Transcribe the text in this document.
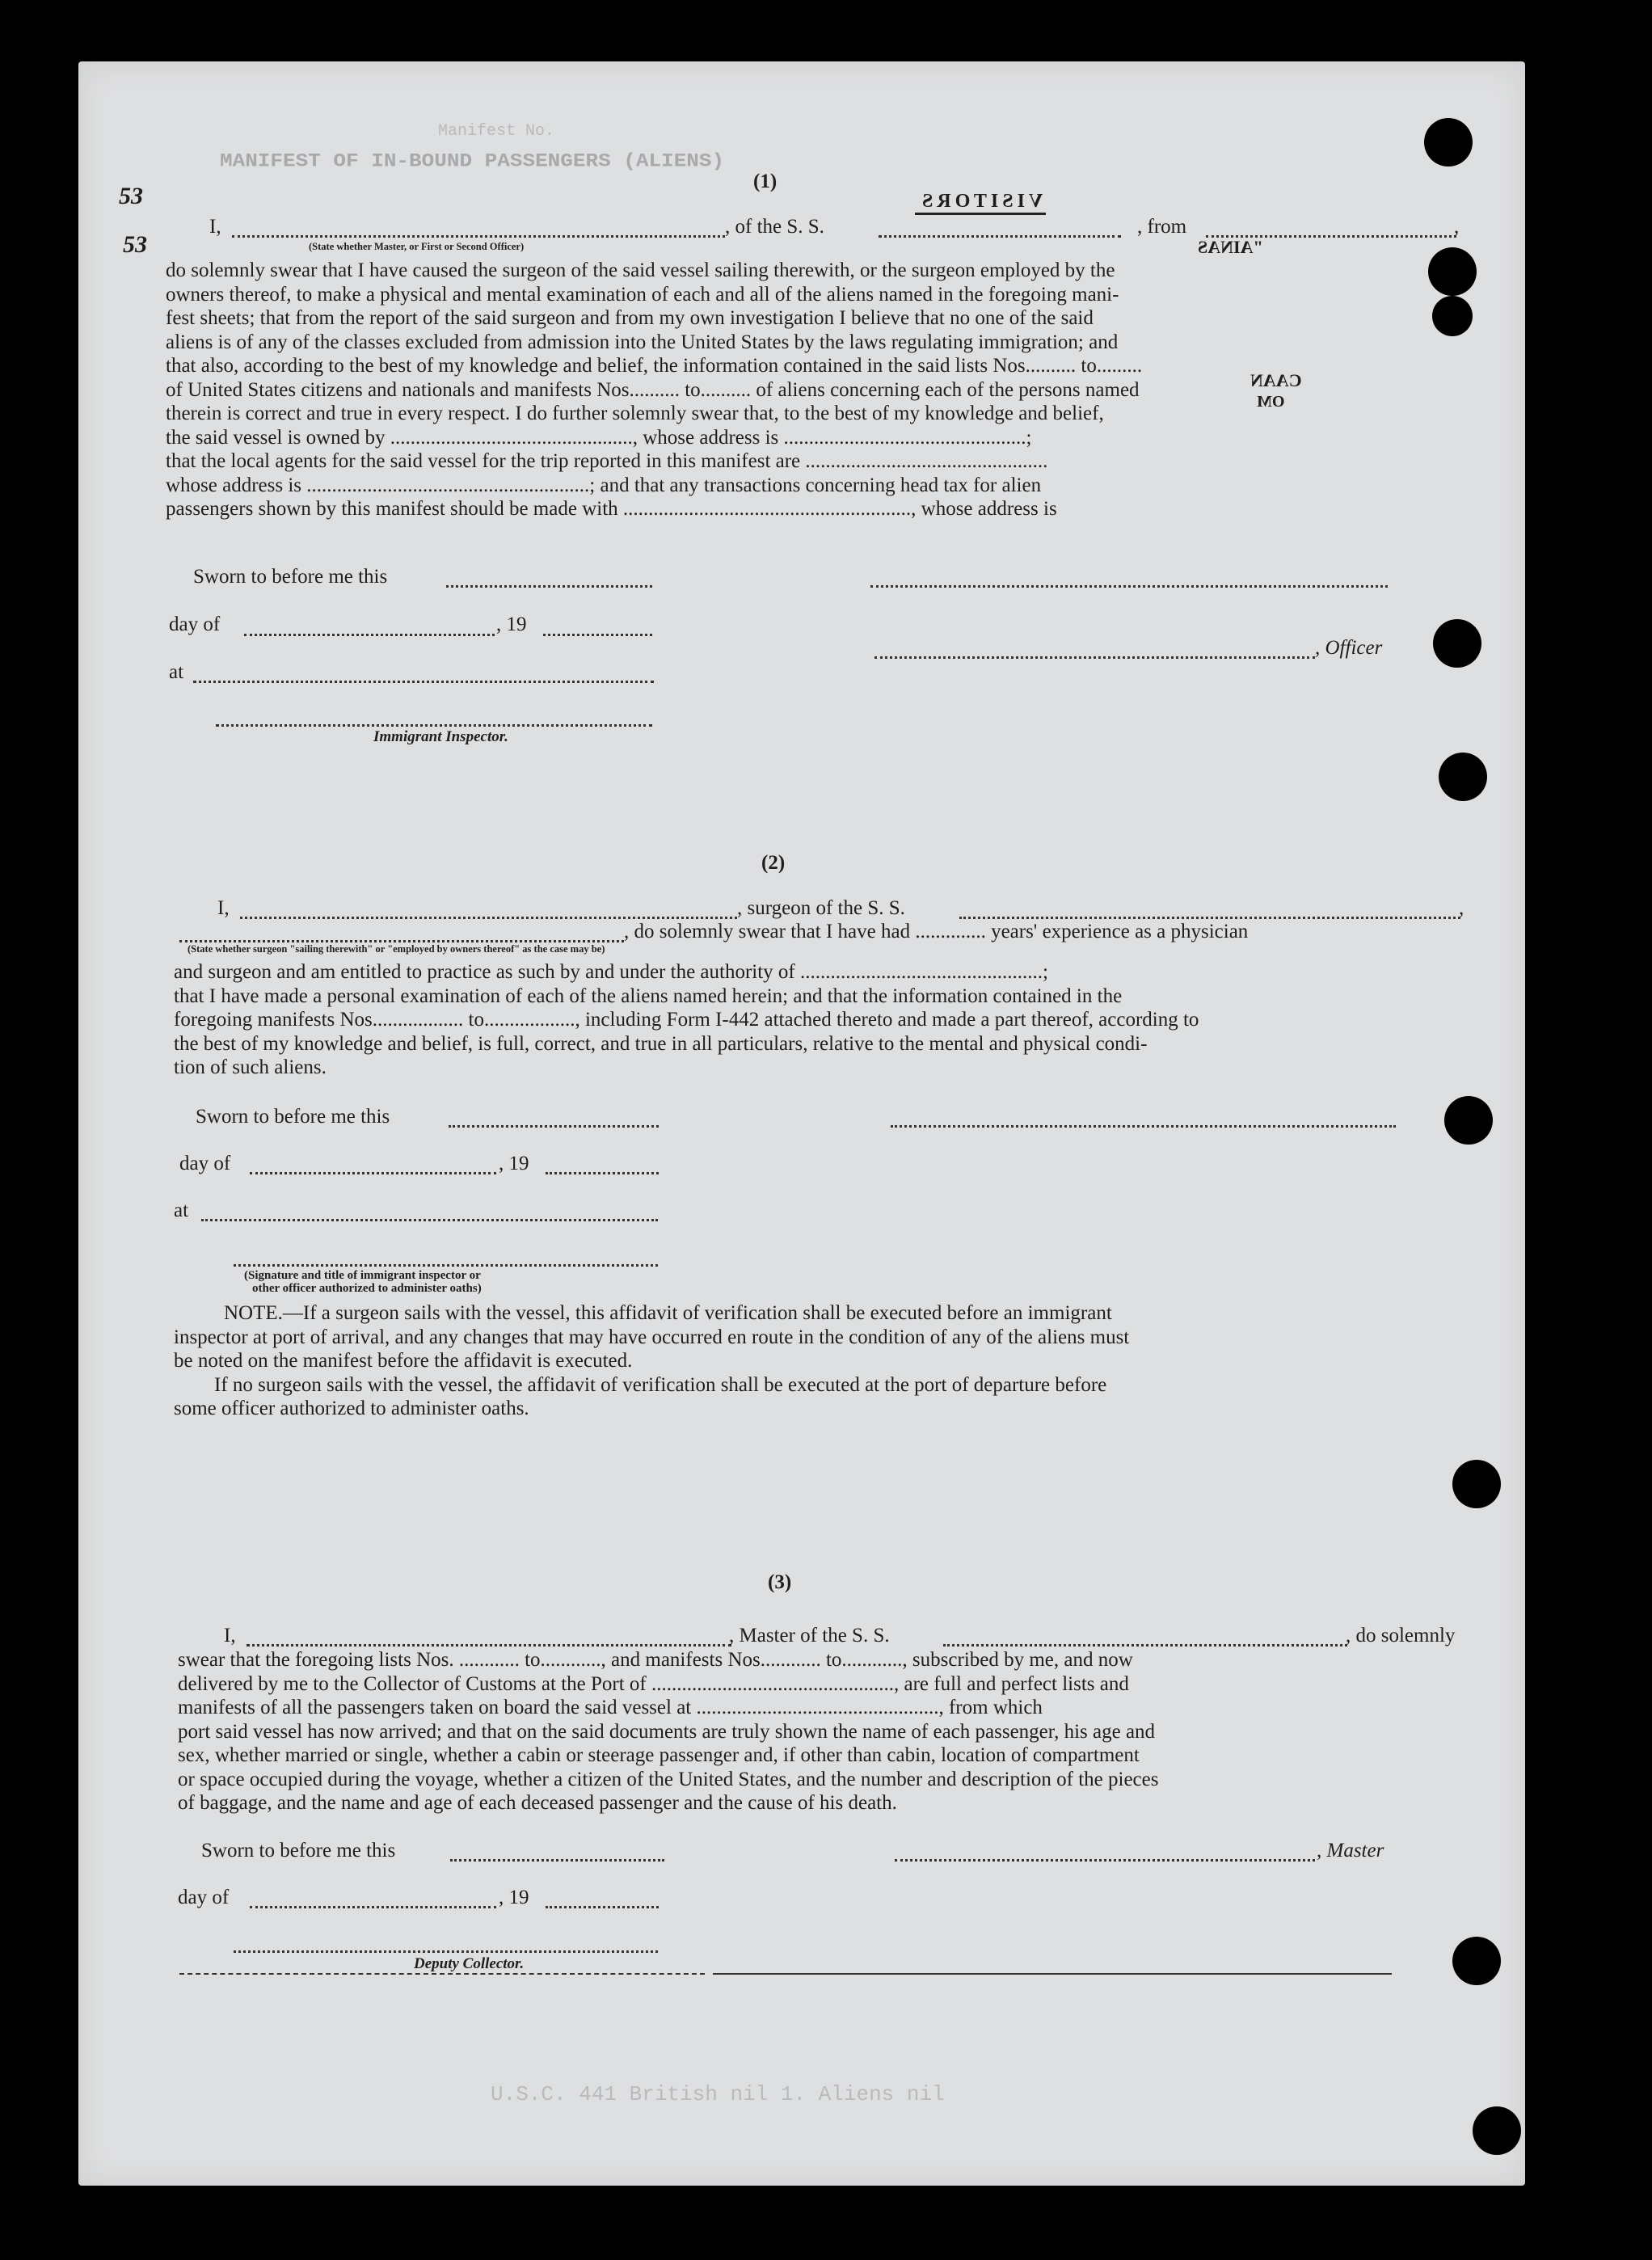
MANIFEST OF IN-BOUND PASSENGERS (ALIENS)
Manifest No.
U.S.C. 441 British nil 1. Aliens nil
53
53
VISITORS
"AINAS
CAAN
OM
(1)
I,	, of the S. S.	, from	,
(State whether Master, or First or Second Officer)
do solemnly swear that I have caused the surgeon of the said vessel sailing therewith, or the surgeon employed by the
owners thereof, to make a physical and mental examination of each and all of the aliens named in the foregoing mani-
fest sheets; that from the report of the said surgeon and from my own investigation I believe that no one of the said
aliens is of any of the classes excluded from admission into the United States by the laws regulating immigration; and
that also, according to the best of my knowledge and belief, the information contained in the said lists Nos.......... to.........
of United States citizens and nationals and manifests Nos.......... to.......... of aliens concerning each of the persons named
therein is correct and true in every respect. I do further solemnly swear that, to the best of my knowledge and belief,
the said vessel is owned by ................................................, whose address is ................................................;
that the local agents for the said vessel for the trip reported in this manifest are ................................................
whose address is ........................................................; and that any transactions concerning head tax for alien
passengers shown by this manifest should be made with ........................................................., whose address is
Sworn to before me this
day of	, 19
, Officer
at
Immigrant Inspector.
(2)
I,	, surgeon of the S. S.	,
, do solemnly swear that I have had .............. years' experience as a physician
(State whether surgeon "sailing therewith" or "employed by owners thereof" as the case may be)
and surgeon and am entitled to practice as such by and under the authority of ................................................;
that I have made a personal examination of each of the aliens named herein; and that the information contained in the
foregoing manifests Nos.................. to.................., including Form I-442 attached thereto and made a part thereof, according to
the best of my knowledge and belief, is full, correct, and true in all particulars, relative to the mental and physical condi-
tion of such aliens.
Sworn to before me this
day of	, 19
at
(Signature and title of immigrant inspector or
other officer authorized to administer oaths)
NOTE.—If a surgeon sails with the vessel, this affidavit of verification shall be executed before an immigrant
inspector at port of arrival, and any changes that may have occurred en route in the condition of any of the aliens must
be noted on the manifest before the affidavit is executed.
If no surgeon sails with the vessel, the affidavit of verification shall be executed at the port of departure before
some officer authorized to administer oaths.
(3)
I,	, Master of the S. S.	, do solemnly
swear that the foregoing lists Nos. ............ to............, and manifests Nos............ to............, subscribed by me, and now
delivered by me to the Collector of Customs at the Port of ................................................, are full and perfect lists and
manifests of all the passengers taken on board the said vessel at ................................................, from which
port said vessel has now arrived; and that on the said documents are truly shown the name of each passenger, his age and
sex, whether married or single, whether a cabin or steerage passenger and, if other than cabin, location of compartment
or space occupied during the voyage, whether a citizen of the United States, and the number and description of the pieces
of baggage, and the name and age of each deceased passenger and the cause of his death.
Sworn to before me this	, Master
day of	, 19
Deputy Collector.
